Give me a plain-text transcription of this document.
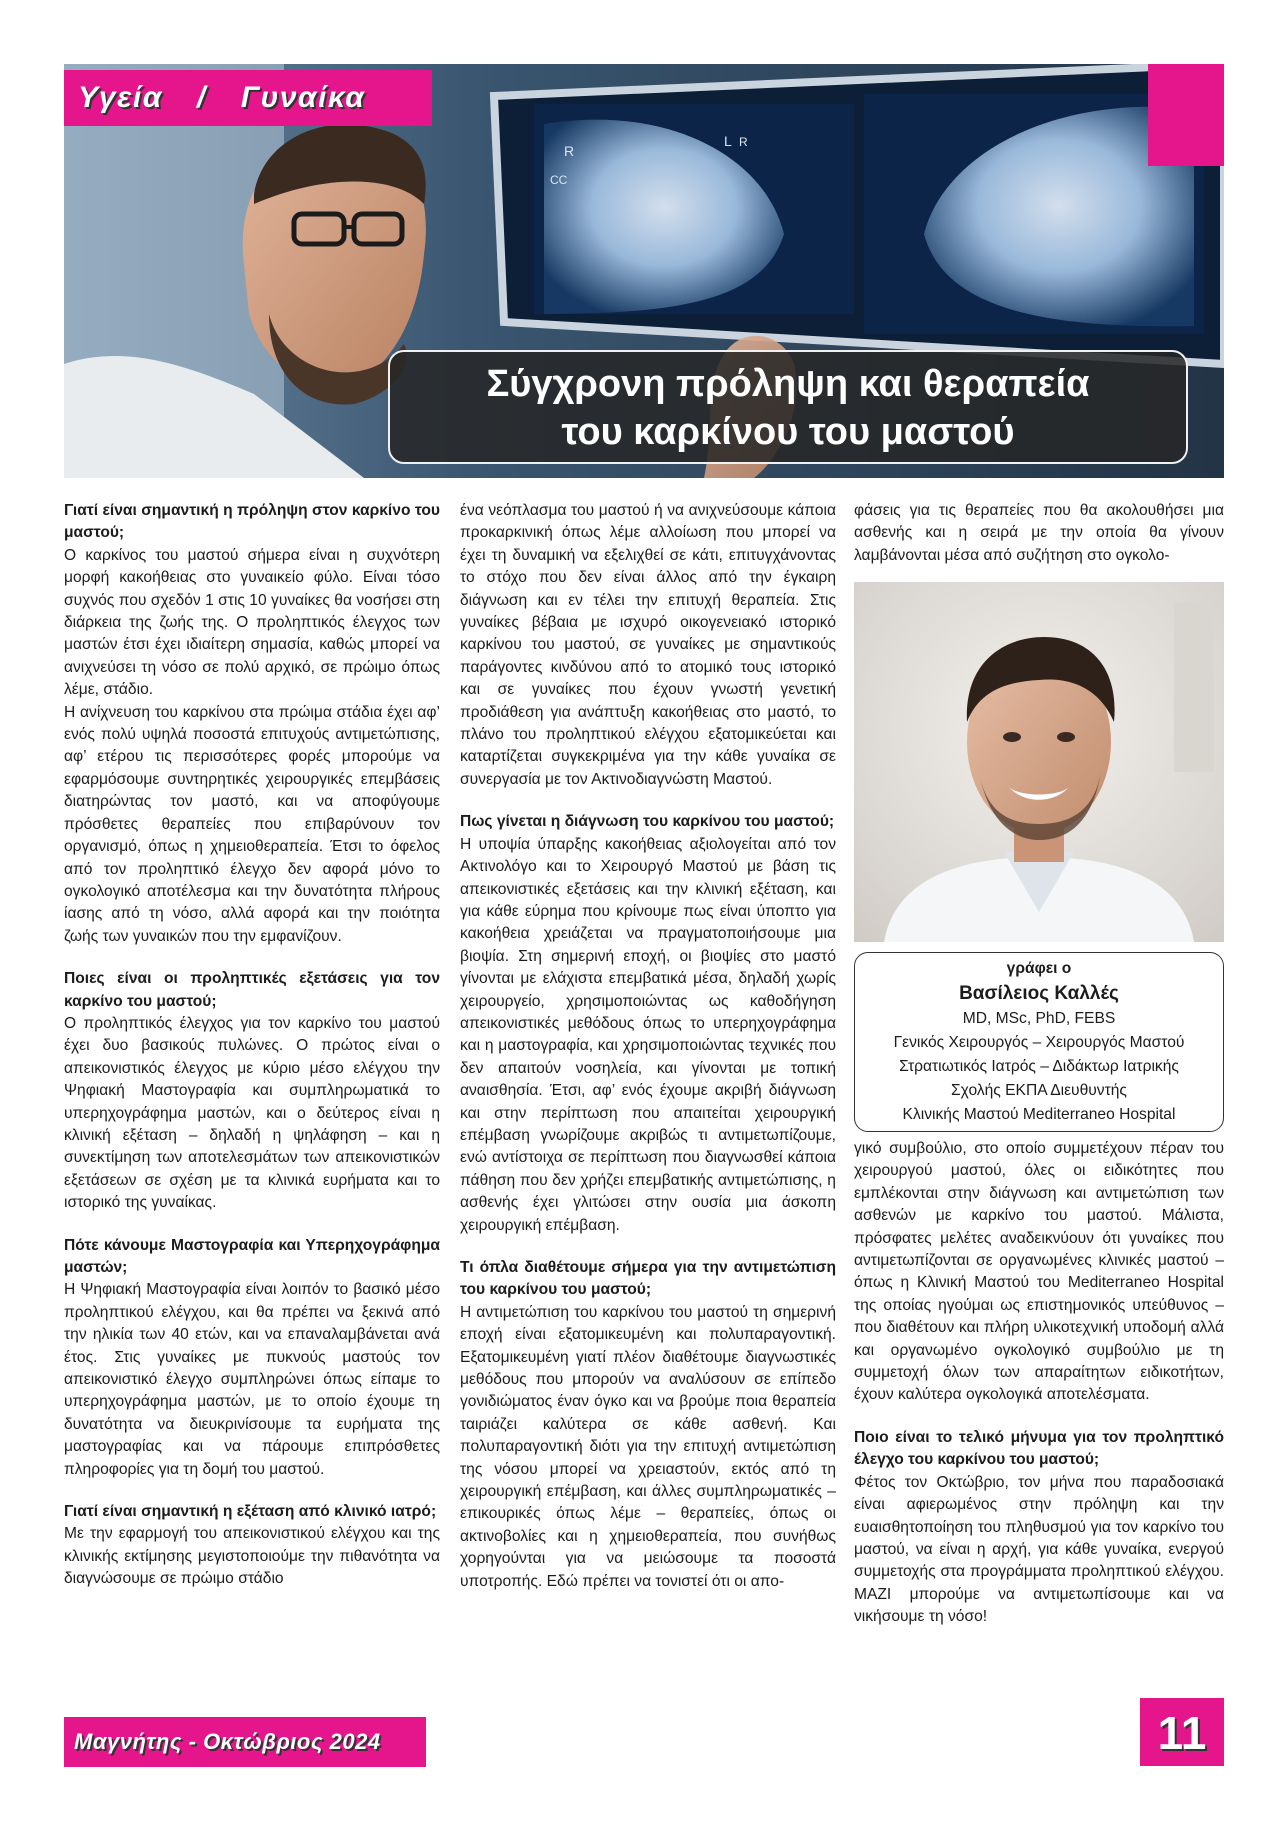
R
CC
L R
Υγεία / Γυναίκα
Σύγχρονη πρόληψη και θεραπεία
του καρκίνου του μαστού
Γιατί είναι σημαντική η πρόληψη στον καρκίνο του μαστού;

Ο καρκίνος του μαστού σήμερα είναι η συχνότερη μορφή κακοήθειας στο γυναικείο φύλο. Είναι τόσο συχνός που σχεδόν 1 στις 10 γυναίκες θα νοσήσει στη διάρκεια της ζωής της. Ο προληπτικός έλεγχος των μαστών έτσι έχει ιδιαίτερη σημασία, καθώς μπορεί να ανιχνεύσει τη νόσο σε πολύ αρχικό, σε πρώιμο όπως λέμε, στάδιο.

Η ανίχνευση του καρκίνου στα πρώιμα στάδια έχει αφ’ ενός πολύ υψηλά ποσοστά επιτυχούς αντιμετώπισης, αφ’ ετέρου τις περισσότερες φορές μπορούμε να εφαρμόσουμε συντηρητικές χειρουργικές επεμβάσεις διατηρώντας τον μαστό, και να αποφύγουμε πρόσθετες θεραπείες που επιβαρύνουν τον οργανισμό, όπως η χημειοθεραπεία. Έτσι το όφελος από τον προληπτικό έλεγχο δεν αφορά μόνο το ογκολογικό αποτέλεσμα και την δυνατότητα πλήρους ίασης από τη νόσο, αλλά αφορά και την ποιότητα ζωής των γυναικών που την εμφανίζουν.

Ποιες είναι οι προληπτικές εξετάσεις για τον καρκίνο του μαστού;

Ο προληπτικός έλεγχος για τον καρκίνο του μαστού έχει δυο βασικούς πυλώνες. Ο πρώτος είναι ο απεικονιστικός έλεγχος με κύριο μέσο ελέγχου την Ψηφιακή Μαστογραφία και συμπληρωματικά το υπερηχογράφημα μαστών, και ο δεύτερος είναι η κλινική εξέταση – δηλαδή η ψηλάφηση – και η συνεκτίμηση των αποτελεσμάτων των απεικονιστικών εξετάσεων σε σχέση με τα κλινικά ευρήματα και το ιστορικό της γυναίκας.

Πότε κάνουμε Μαστογραφία και Υπερηχογράφημα μαστών;

Η Ψηφιακή Μαστογραφία είναι λοιπόν το βασικό μέσο προληπτικού ελέγχου, και θα πρέπει να ξεκινά από την ηλικία των 40 ετών, και να επαναλαμβάνεται ανά έτος. Στις γυναίκες με πυκνούς μαστούς τον απεικονιστικό έλεγχο συμπληρώνει όπως είπαμε το υπερηχογράφημα μαστών, με το οποίο έχουμε τη δυνατότητα να διευκρινίσουμε τα ευρήματα της μαστογραφίας και να πάρουμε επιπρόσθετες πληροφορίες για τη δομή του μαστού.

Γιατί είναι σημαντική η εξέταση από κλινικό ιατρό;

Με την εφαρμογή του απεικονιστικού ελέγχου και της κλινικής εκτίμησης μεγιστοποιούμε την πιθανότητα να διαγνώσουμε σε πρώιμο στάδιο

ένα νεόπλασμα του μαστού ή να ανιχνεύσουμε κάποια προκαρκινική όπως λέμε αλλοίωση που μπορεί να έχει τη δυναμική να εξελιχθεί σε κάτι, επιτυγχάνοντας το στόχο που δεν είναι άλλος από την έγκαιρη διάγνωση και εν τέλει την επιτυχή θεραπεία. Στις γυναίκες βέβαια με ισχυρό οικογενειακό ιστορικό καρκίνου του μαστού, σε γυναίκες με σημαντικούς παράγοντες κινδύνου από το ατομικό τους ιστορικό και σε γυναίκες που έχουν γνωστή γενετική προδιάθεση για ανάπτυξη κακοήθειας στο μαστό, το πλάνο του προληπτικού ελέγχου εξατομικεύεται και καταρτίζεται συγκεκριμένα για την κάθε γυναίκα σε συνεργασία με τον Ακτινοδιαγνώστη Μαστού.

Πως γίνεται η διάγνωση του καρκίνου του μαστού;

Η υποψία ύπαρξης κακοήθειας αξιολογείται από τον Ακτινολόγο και το Χειρουργό Μαστού με βάση τις απεικονιστικές εξετάσεις και την κλινική εξέταση, και για κάθε εύρημα που κρίνουμε πως είναι ύποπτο για κακοήθεια χρειάζεται να πραγματοποιήσουμε μια βιοψία. Στη σημερινή εποχή, οι βιοψίες στο μαστό γίνονται με ελάχιστα επεμβατικά μέσα, δηλαδή χωρίς χειρουργείο, χρησιμοποιώντας ως καθοδήγηση απεικονιστικές μεθόδους όπως το υπερηχογράφημα και η μαστογραφία, και χρησιμοποιώντας τεχνικές που δεν απαιτούν νοσηλεία, και γίνονται με τοπική αναισθησία. Έτσι, αφ’ ενός έχουμε ακριβή διάγνωση και στην περίπτωση που απαιτείται χειρουργική επέμβαση γνωρίζουμε ακριβώς τι αντιμετωπίζουμε, ενώ αντίστοιχα σε περίπτωση που διαγνωσθεί κάποια πάθηση που δεν χρήζει επεμβατικής αντιμετώπισης, η ασθενής έχει γλιτώσει στην ουσία μια άσκοπη χειρουργική επέμβαση.

Τι όπλα διαθέτουμε σήμερα για την αντιμετώπιση του καρκίνου του μαστού;

Η αντιμετώπιση του καρκίνου του μαστού τη σημερινή εποχή είναι εξατομικευμένη και πολυπαραγοντική. Εξατομικευμένη γιατί πλέον διαθέτουμε διαγνωστικές μεθόδους που μπορούν να αναλύσουν σε επίπεδο γονιδιώματος έναν όγκο και να βρούμε ποια θεραπεία ταιριάζει καλύτερα σε κάθε ασθενή. Και πολυπαραγοντική διότι για την επιτυχή αντιμετώπιση της νόσου μπορεί να χρειαστούν, εκτός από τη χειρουργική επέμβαση, και άλλες συμπληρωματικές – επικουρικές όπως λέμε – θεραπείες, όπως οι ακτινοβολίες και η χημειοθεραπεία, που συνήθως χορηγούνται για να μειώσουμε τα ποσοστά υποτροπής. Εδώ πρέπει να τονιστεί ότι οι απο-

φάσεις για τις θεραπείες που θα ακολουθήσει μια ασθενής και η σειρά με την οποία θα γίνουν λαμβάνονται μέσα από συζήτηση στο ογκολο-

γράφει ο
Βασίλειος Καλλές
MD, MSc, PhD, FEBS
Γενικός Χειρουργός – Χειρουργός Μαστού
Στρατιωτικός Ιατρός – Διδάκτωρ Ιατρικής
Σχολής ΕΚΠΑ Διευθυντής
Κλινικής Μαστού Mediterraneo Hospital

γικό συμβούλιο, στο οποίο συμμετέχουν πέραν του χειρουργού μαστού, όλες οι ειδικότητες που εμπλέκονται στην διάγνωση και αντιμετώπιση των ασθενών με καρκίνο του μαστού. Μάλιστα, πρόσφατες μελέτες αναδεικνύουν ότι γυναίκες που αντιμετωπίζονται σε οργανωμένες κλινικές μαστού – όπως η Κλινική Μαστού του Mediterraneo Hospital της οποίας ηγούμαι ως επιστημονικός υπεύθυνος – που διαθέτουν και πλήρη υλικοτεχνική υποδομή αλλά και οργανωμένο ογκολογικό συμβούλιο με τη συμμετοχή όλων των απαραίτητων ειδικοτήτων, έχουν καλύτερα ογκολογικά αποτελέσματα.

Ποιο είναι το τελικό μήνυμα για τον προληπτικό έλεγχο του καρκίνου του μαστού;

Φέτος τον Οκτώβριο, τον μήνα που παραδοσιακά είναι αφιερωμένος στην πρόληψη και την ευαισθητοποίηση του πληθυσμού για τον καρκίνο του μαστού, να είναι η αρχή, για κάθε γυναίκα, ενεργού συμμετοχής στα προγράμματα προληπτικού ελέγχου. ΜΑΖΙ μπορούμε να αντιμετωπίσουμε και να νικήσουμε τη νόσο!

Μαγνήτης - Οκτώβριος 2024	11
